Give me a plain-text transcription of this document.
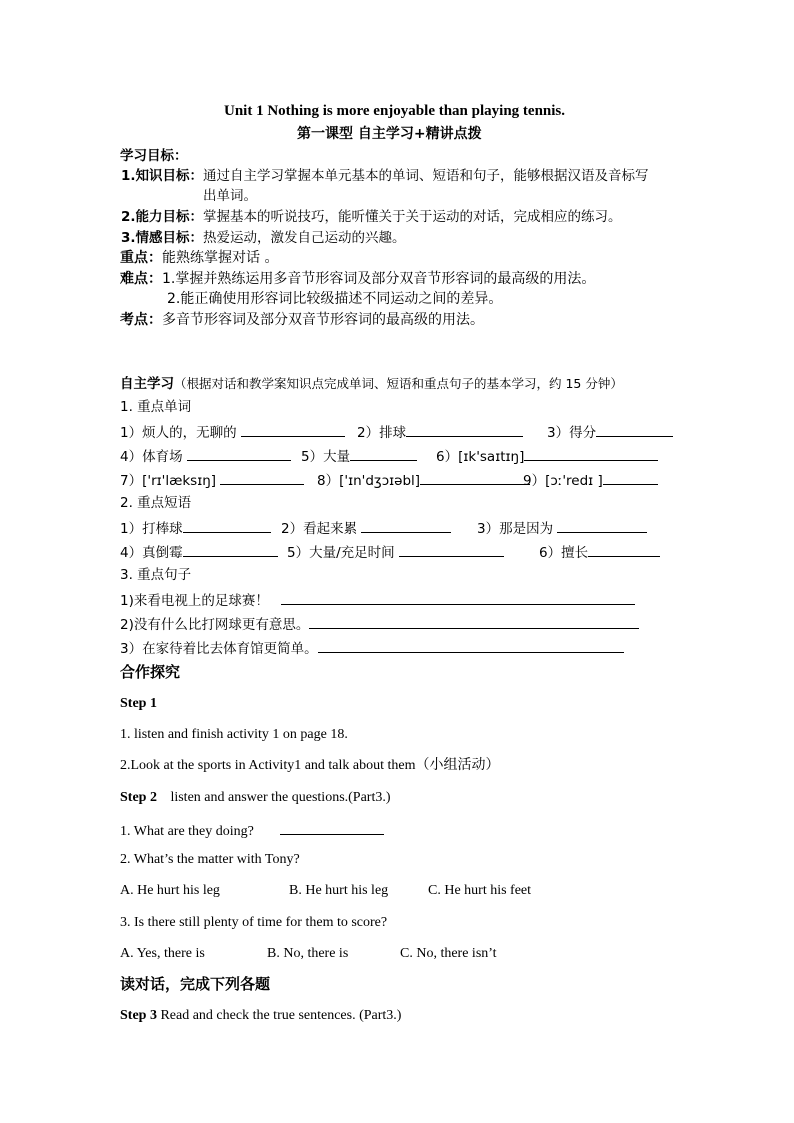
Unit 1 Nothing is more enjoyable than playing tennis.
第一课型 自主学习+精讲点拨
学习目标：
1.知识目标：通过自主学习掌握本单元基本的单词、短语和句子，能够根据汉语及音标写
出单词。
2.能力目标：掌握基本的听说技巧，能听懂关于关于运动的对话，完成相应的练习。
3.情感目标：热爱运动，激发自己运动的兴趣。
重点：能熟练掌握对话 。
难点：1.掌握并熟练运用多音节形容词及部分双音节形容词的最高级的用法。
2.能正确使用形容词比较级描述不同运动之间的差异。
考点：多音节形容词及部分双音节形容词的最高级的用法。
自主学习（根据对话和教学案知识点完成单词、短语和重点句子的基本学习，约 15 分钟）
1. 重点单词
1）烦人的，无聊的	2）排球	3）得分
4）体育场	5）大量	6）[ɪk'saɪtɪŋ]
7）['rɪ'læksɪŋ]	8）['ɪn'dʒɔɪəbl]	9）[ɔː'redɪ ]
2. 重点短语
1）打棒球	2）看起来累	3）那是因为
4）真倒霉	5）大量/充足时间	6）擅长
3. 重点句子
1)来看电视上的足球赛！
2)没有什么比打网球更有意思。
3）在家待着比去体育馆更简单。
合作探究
Step 1
1. listen and finish activity 1 on page 18.
2.Look at the sports in Activity1 and talk about them（小组活动）
Step 2 listen and answer the questions.(Part3.)
1. What are they doing?
2. What’s the matter with Tony?
A. He hurt his leg	B. He hurt his leg	C. He hurt his feet
3. Is there still plenty of time for them to score?
A. Yes, there is	B. No, there is	C. No, there isn’t
读对话，完成下列各题
Step 3 Read and check the true sentences. (Part3.)
